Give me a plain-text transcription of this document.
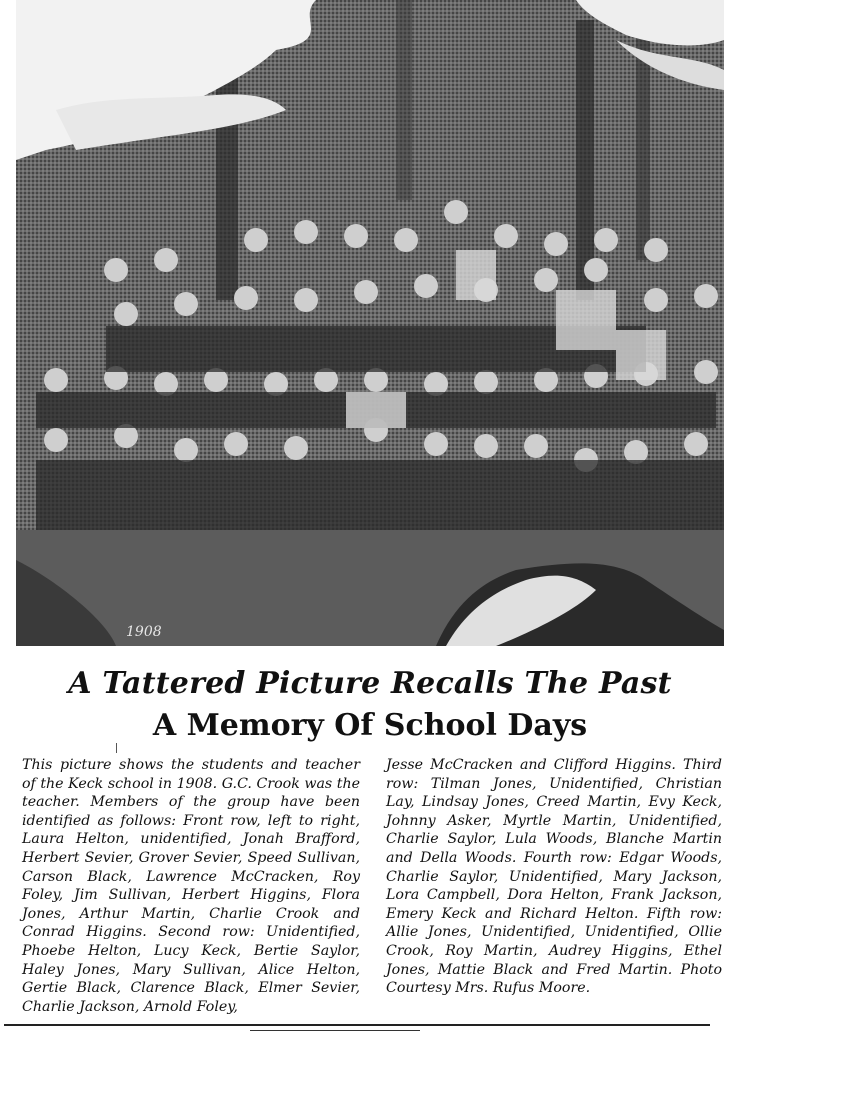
1908
A Tattered Picture Recalls The Past
A Memory Of School Days

This picture shows the students and teacher of the Keck school in 1908. G.C. Crook was the teacher. Members of the group have been identified as follows: Front row, left to right, Laura Helton, unidentified, Jonah Brafford, Herbert Sevier, Grover Sevier, Speed Sullivan, Carson Black, Lawrence McCracken, Roy Foley, Jim Sullivan, Herbert Higgins, Flora Jones, Arthur Martin, Charlie Crook and Conrad Higgins. Second row: Unidentified, Phoebe Helton, Lucy Keck, Bertie Saylor, Haley Jones, Mary Sullivan, Alice Helton, Gertie Black, Clarence Black, Elmer Sevier, Charlie Jackson, Arnold Foley,

Jesse McCracken and Clifford Higgins. Third row: Tilman Jones, Unidentified, Christian Lay, Lindsay Jones, Creed Martin, Evy Keck, Johnny Asker, Myrtle Martin, Unidentified, Charlie Saylor, Lula Woods, Blanche Martin and Della Woods. Fourth row: Edgar Woods, Charlie Saylor, Unidentified, Mary Jackson, Lora Campbell, Dora Helton, Frank Jackson, Emery Keck and Richard Helton. Fifth row: Allie Jones, Unidentified, Unidentified, Ollie Crook, Roy Martin, Audrey Higgins, Ethel Jones, Mattie Black and Fred Martin. Photo Courtesy Mrs. Rufus Moore.
